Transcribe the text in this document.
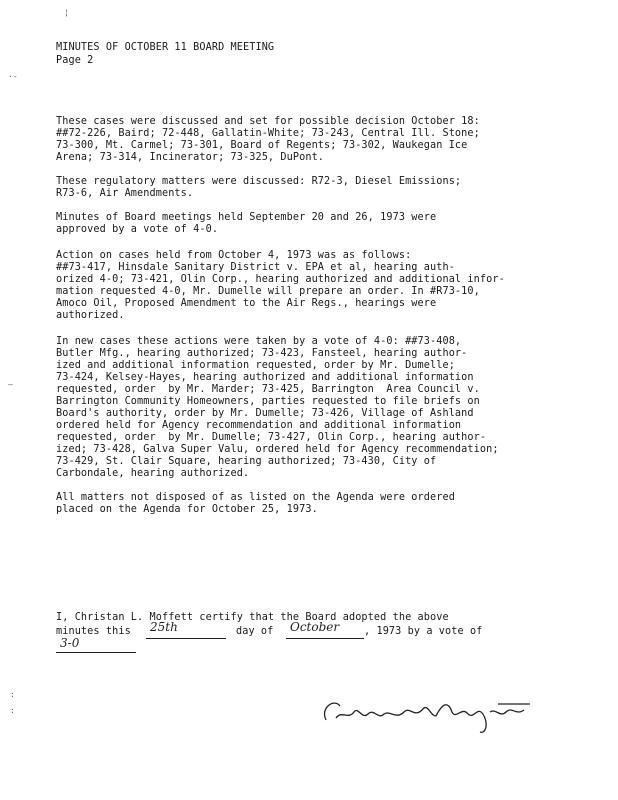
MINUTES OF OCTOBER 11 BOARD MEETING
Page 2
These cases were discussed and set for possible decision October 18:
##72-226, Baird; 72-448, Gallatin-White; 73-243, Central Ill. Stone;
73-300, Mt. Carmel; 73-301, Board of Regents; 73-302, Waukegan Ice
Arena; 73-314, Incinerator; 73-325, DuPont.
These regulatory matters were discussed: R72-3, Diesel Emissions;
R73-6, Air Amendments.
Minutes of Board meetings held September 20 and 26, 1973 were
approved by a vote of 4-0.
Action on cases held from October 4, 1973 was as follows:
##73-417, Hinsdale Sanitary District v. EPA et al, hearing auth-
orized 4-0; 73-421, Olin Corp., hearing authorized and additional infor-
mation requested 4-0, Mr. Dumelle will prepare an order. In #R73-10,
Amoco Oil, Proposed Amendment to the Air Regs., hearings were
authorized.
In new cases these actions were taken by a vote of 4-0: ##73-408,
Butler Mfg., hearing authorized; 73-423, Fansteel, hearing author-
ized and additional information requested, order by Mr. Dumelle;
73-424, Kelsey-Hayes, hearing authorized and additional information
requested, order  by Mr. Marder; 73-425, Barrington  Area Council v.
Barrington Community Homeowners, parties requested to file briefs on
Board's authority, order by Mr. Dumelle; 73-426, Village of Ashland
ordered held for Agency recommendation and additional information
requested, order  by Mr. Dumelle; 73-427, Olin Corp., hearing author-
ized; 73-428, Galva Super Valu, ordered held for Agency recommendation;
73-429, St. Clair Square, hearing authorized; 73-430, City of
Carbondale, hearing authorized.
All matters not disposed of as listed on the Agenda were ordered
placed on the Agenda for October 25, 1973.
I, Christan L. Moffett certify that the Board adopted the above
minutes this 25th	day of October , 1973 by a vote of
3-0
¦
·-
—
:
:
